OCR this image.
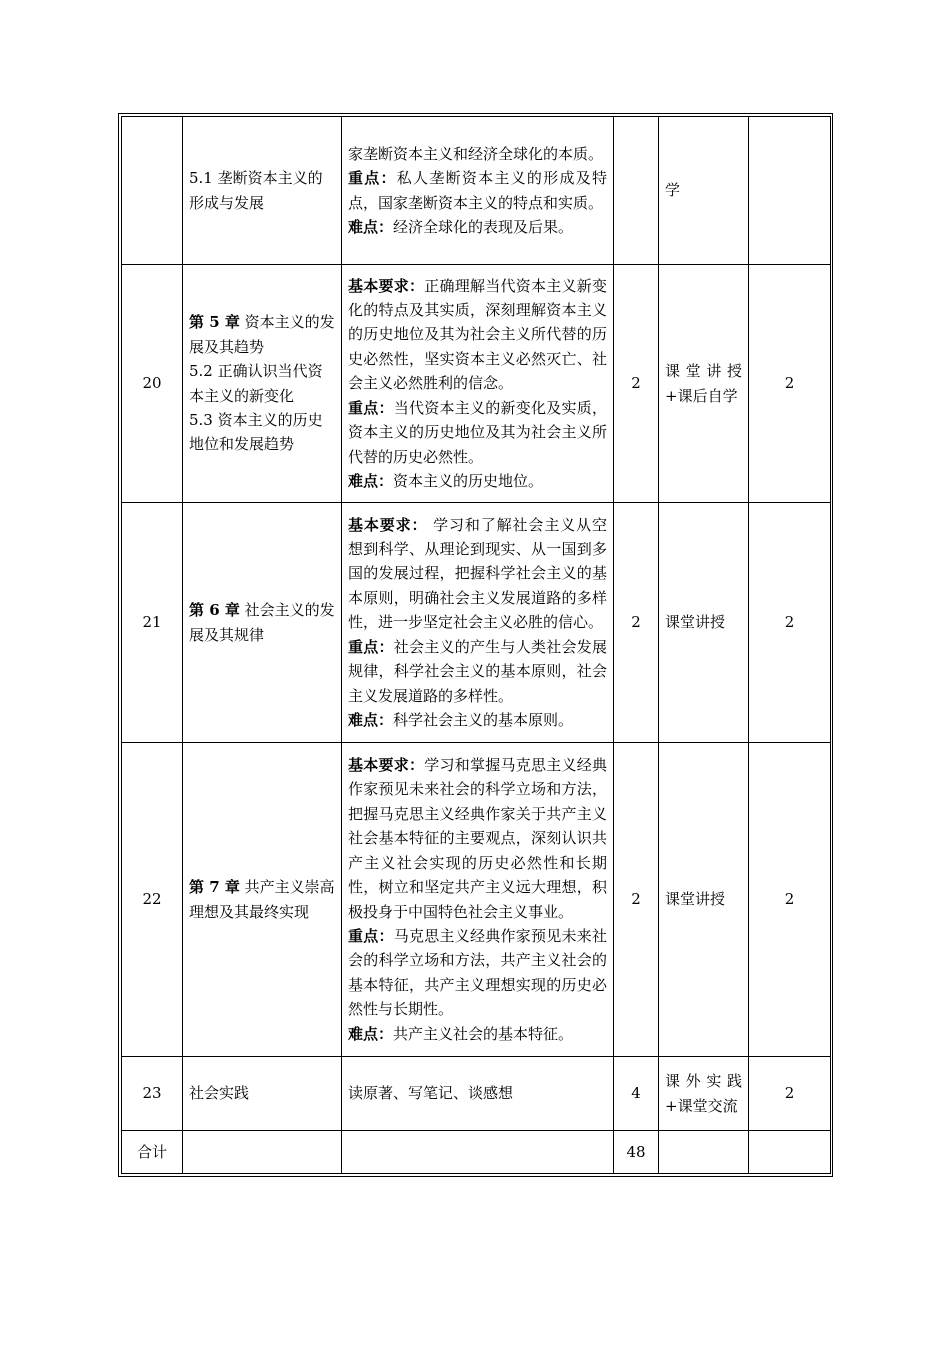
	5.1 垄断资本主义的形成与发展	家垄断资本主义和经济全球化的本质。
重点：私人垄断资本主义的形成及特点，国家垄断资本主义的特点和实质。
难点：经济全球化的表现及后果。		学	
20	第 5 章 资本主义的发展及其趋势
5.2 正确认识当代资本主义的新变化
5.3 资本主义的历史地位和发展趋势	基本要求：正确理解当代资本主义新变化的特点及其实质，深刻理解资本主义的历史地位及其为社会主义所代替的历史必然性，坚实资本主义必然灭亡、社会主义必然胜利的信念。
重点：当代资本主义的新变化及实质，资本主义的历史地位及其为社会主义所代替的历史必然性。
难点：资本主义的历史地位。	2	课堂讲授+课后自学	2
21	第 6 章 社会主义的发展及其规律	基本要求： 学习和了解社会主义从空想到科学、从理论到现实、从一国到多国的发展过程，把握科学社会主义的基本原则，明确社会主义发展道路的多样性，进一步坚定社会主义必胜的信心。
重点：社会主义的产生与人类社会发展规律，科学社会主义的基本原则，社会主义发展道路的多样性。
难点：科学社会主义的基本原则。	2	课堂讲授	2
22	第 7 章 共产主义崇高理想及其最终实现	基本要求：学习和掌握马克思主义经典作家预见未来社会的科学立场和方法，把握马克思主义经典作家关于共产主义社会基本特征的主要观点，深刻认识共产主义社会实现的历史必然性和长期性，树立和坚定共产主义远大理想，积极投身于中国特色社会主义事业。
重点：马克思主义经典作家预见未来社会的科学立场和方法，共产主义社会的基本特征，共产主义理想实现的历史必然性与长期性。
难点：共产主义社会的基本特征。	2	课堂讲授	2
23	社会实践	读原著、写笔记、谈感想	4	课外实践+课堂交流	2
合计			48		
